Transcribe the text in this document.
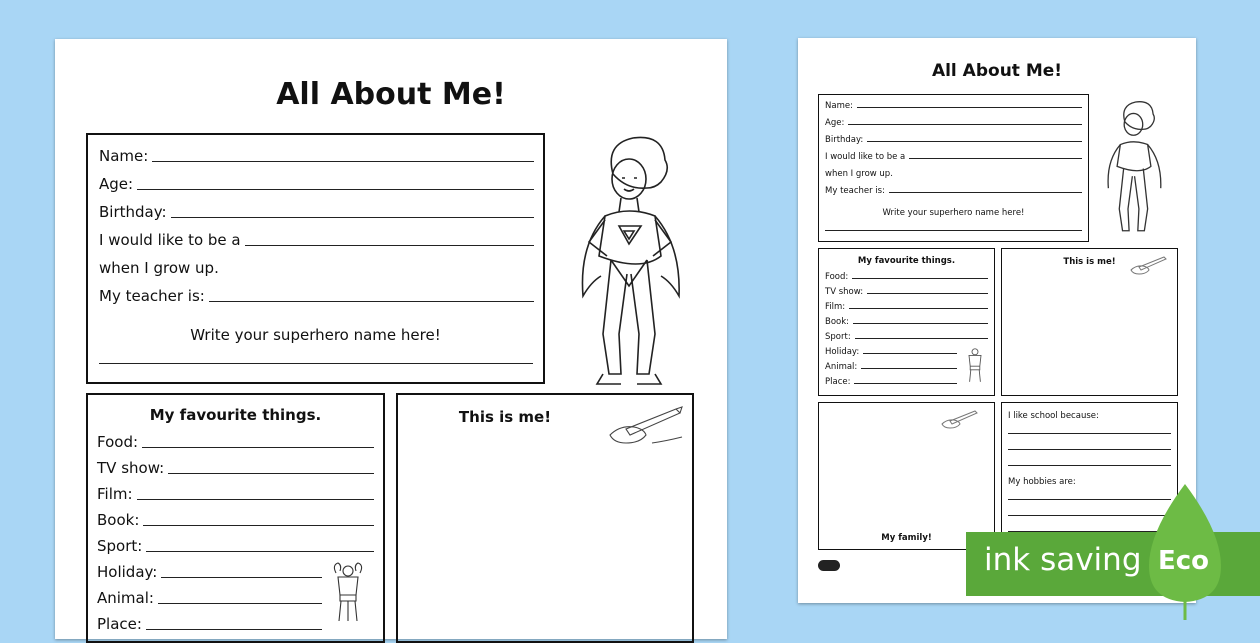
All About Me!
Name:
Age:
Birthday:
I would like to be a
when I grow up.
My teacher is:
Write your superhero name here!
My favourite things.
Food:
TV show:
Film:
Book:
Sport:
Holiday:
Animal:
Place:
This is me!
All About Me!
Name:
Age:
Birthday:
I would like to be a
when I grow up.
My teacher is:
Write your superhero name here!
My favourite things.
Food:
TV show:
Film:
Book:
Sport:
Holiday:
Animal:
Place:
This is me!
My family!
I like school because:
My hobbies are:
ink saving Eco
